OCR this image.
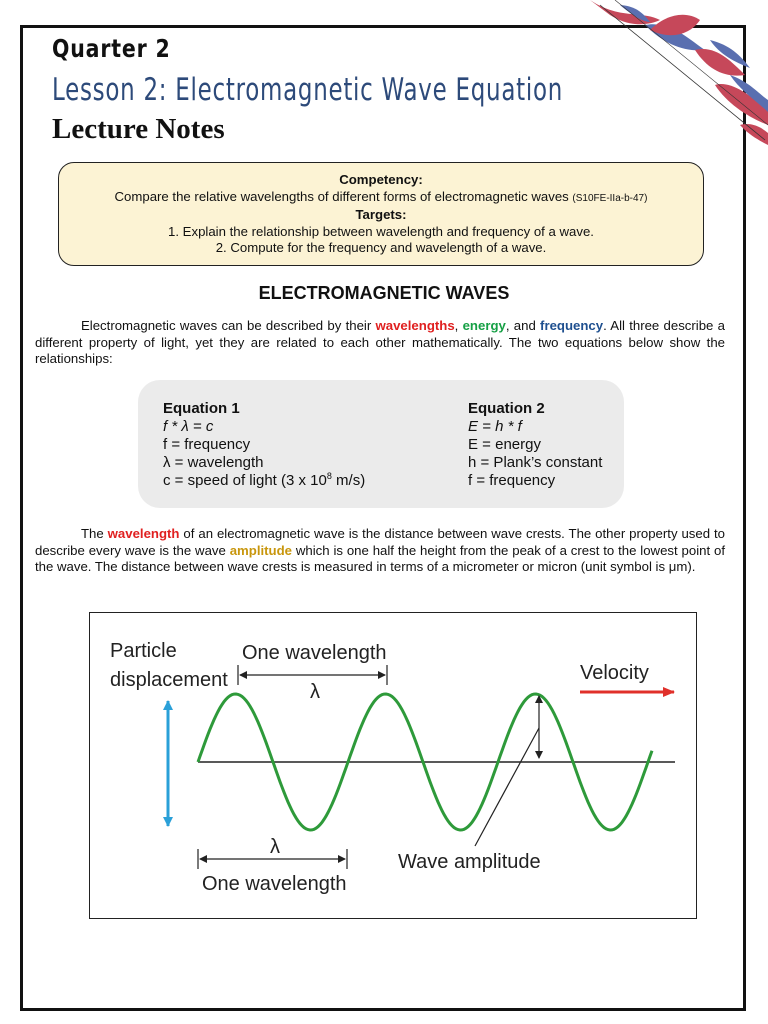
Quarter 2
Lesson 2: Electromagnetic Wave Equation
Lecture Notes
Competency:
Compare the relative wavelengths of different forms of electromagnetic waves (S10FE-IIa-b-47)
Targets:
1. Explain the relationship between wavelength and frequency of a wave.
2. Compute for the frequency and wavelength of a wave.
ELECTROMAGNETIC WAVES
Electromagnetic waves can be described by their wavelengths, energy, and frequency. All three describe a different property of light, yet they are related to each other mathematically. The two equations below show the relationships:
Equation 1
f * λ = c
f = frequency
λ = wavelength
c = speed of light (3 x $10^8$ m/s)
Equation 2
E = h * f
E = energy
h = Plank’s constant
f = frequency
The wavelength of an electromagnetic wave is the distance between wave crests. The other property used to describe every wave is the wave amplitude which is one half the height from the peak of a crest to the lowest point of the wave. The distance between wave crests is measured in terms of a micrometer or micron (unit symbol is μm).
Particle
displacement
One wavelength
λ
Velocity
Wave amplitude
λ
One wavelength
